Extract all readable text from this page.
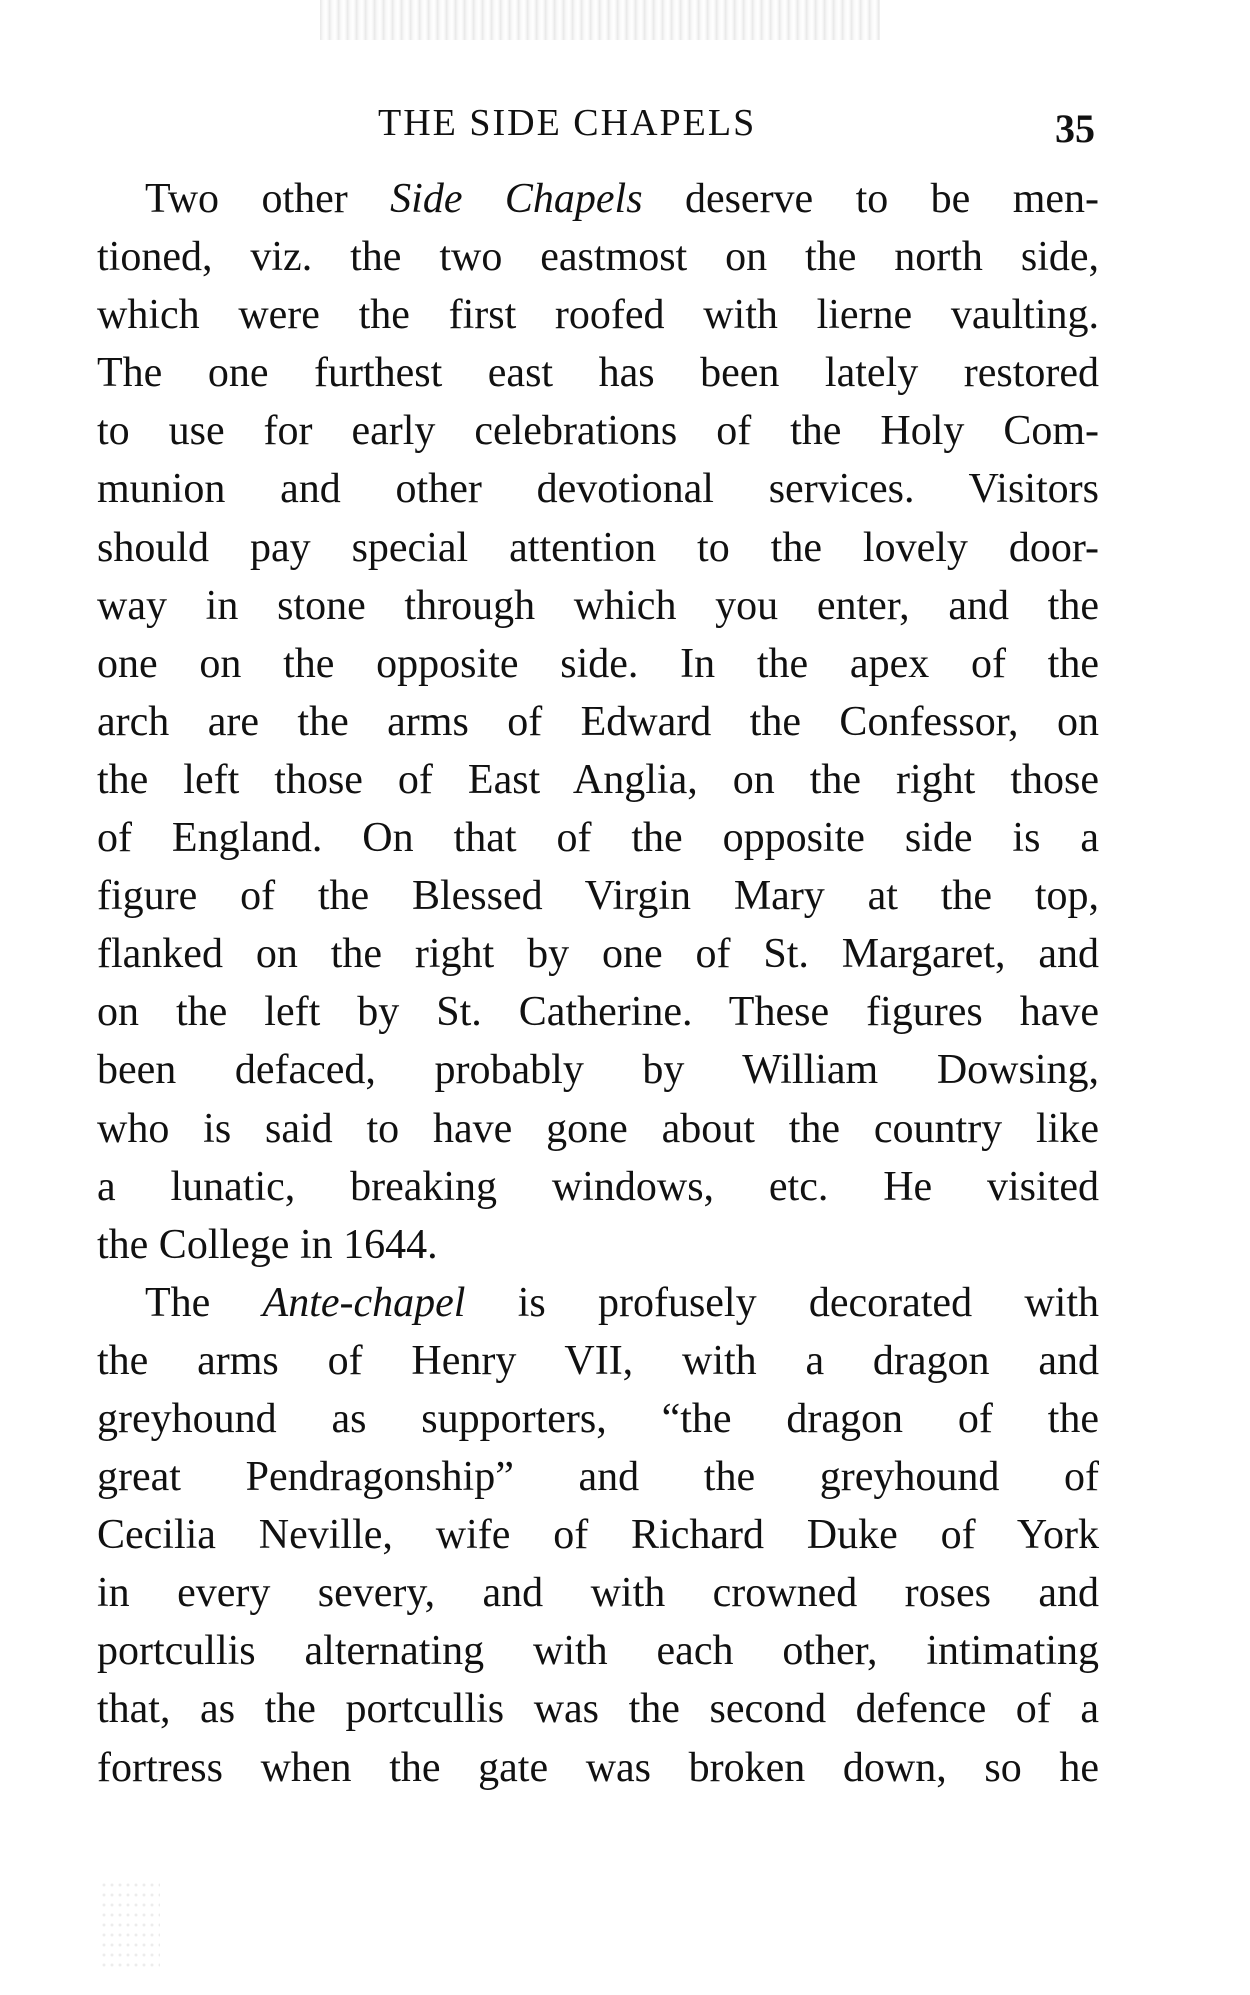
THE SIDE CHAPELS	35
Two other Side Chapels deserve to be men-
tioned, viz. the two eastmost on the north side,
which were the first roofed with lierne vaulting.
The one furthest east has been lately restored
to use for early celebrations of the Holy Com-
munion and other devotional services. Visitors
should pay special attention to the lovely door-
way in stone through which you enter, and the
one on the opposite side. In the apex of the
arch are the arms of Edward the Confessor, on
the left those of East Anglia, on the right those
of England. On that of the opposite side is a
figure of the Blessed Virgin Mary at the top,
flanked on the right by one of St. Margaret, and
on the left by St. Catherine. These figures have
been defaced, probably by William Dowsing,
who is said to have gone about the country like
a lunatic, breaking windows, etc. He visited
the College in 1644.
The Ante-chapel is profusely decorated with
the arms of Henry VII, with a dragon and
greyhound as supporters, “the dragon of the
great Pendragonship” and the greyhound of
Cecilia Neville, wife of Richard Duke of York
in every severy, and with crowned roses and
portcullis alternating with each other, intimating
that, as the portcullis was the second defence of a
fortress when the gate was broken down, so he
